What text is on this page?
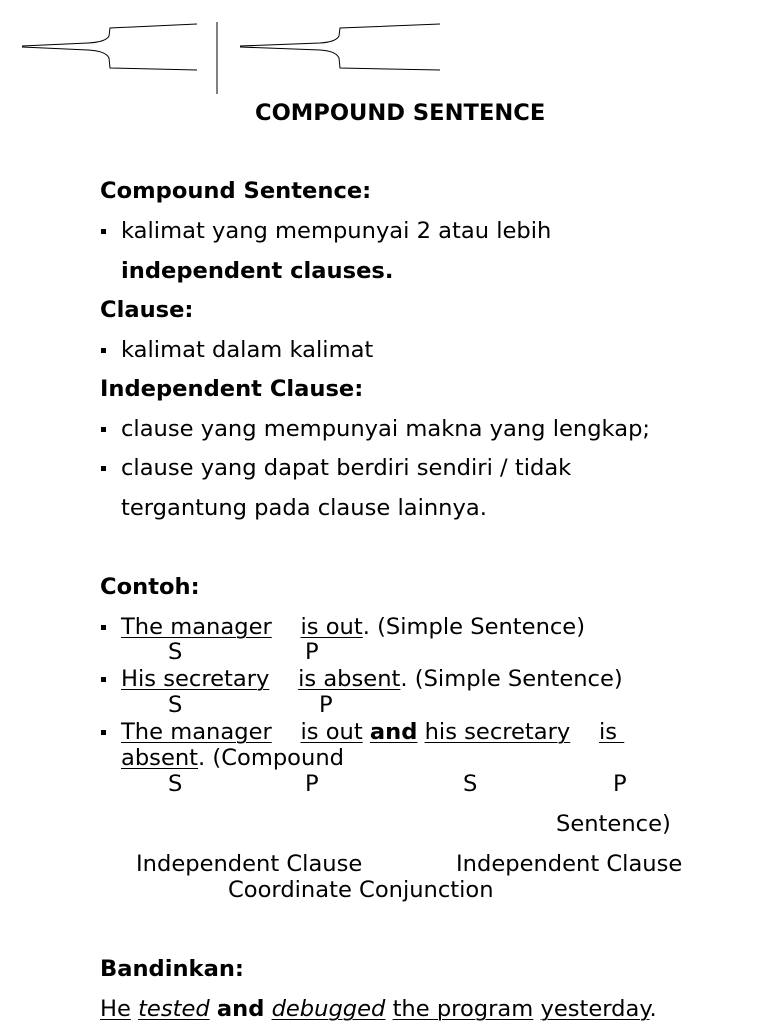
COMPOUND SENTENCE
Compound Sentence:
kalimat yang mempunyai 2 atau lebih
independent clauses.
Clause:
kalimat dalam kalimat
Independent Clause:
clause yang mempunyai makna yang lengkap;
clause yang dapat berdiri sendiri / tidak
tergantung pada clause lainnya.
Contoh:
The manager is out. (Simple Sentence)
S	P
His secretary is absent. (Simple Sentence)
S	P
The manager is out and his secretary is
absent. (Compound
S	P	S	P
Sentence)
Independent Clause	Independent Clause
Coordinate Conjunction
Bandinkan:
He tested and debugged the program yesterday.
